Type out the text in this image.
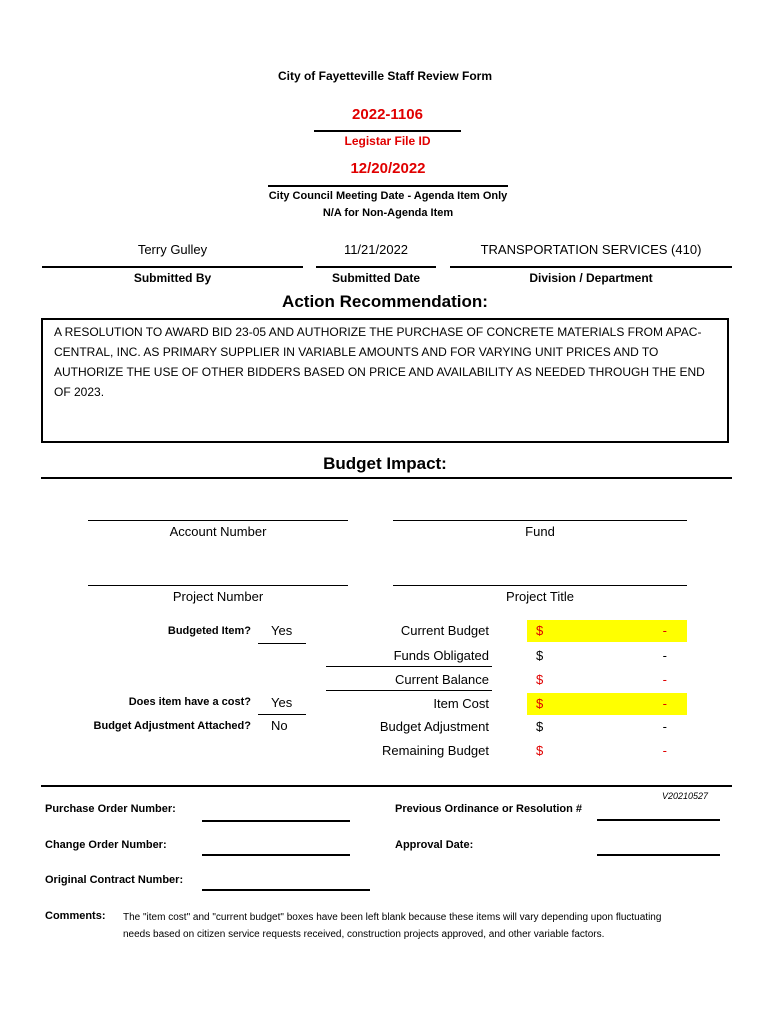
City of Fayetteville Staff Review Form
2022-1106
Legistar File ID
12/20/2022
City Council Meeting Date - Agenda Item Only
N/A for Non-Agenda Item
Terry Gulley
Submitted By
11/21/2022
Submitted Date
TRANSPORTATION SERVICES (410)
Division / Department
Action Recommendation:
A RESOLUTION TO AWARD BID 23-05 AND AUTHORIZE THE PURCHASE OF CONCRETE MATERIALS FROM APAC-CENTRAL, INC. AS PRIMARY SUPPLIER IN VARIABLE AMOUNTS AND FOR VARYING UNIT PRICES AND TO AUTHORIZE THE USE OF OTHER BIDDERS BASED ON PRICE AND AVAILABILITY AS NEEDED THROUGH THE END OF 2023.
Budget Impact:
Account Number	Fund
Project Number	Project Title
Budgeted Item? Yes
Does item have a cost? Yes
Budget Adjustment Attached? No
Current Budget	$	-
Funds Obligated	$	-
Current Balance	$	-
Item Cost	$	-
Budget Adjustment	$	-
Remaining Budget	$	-
V20210527
Purchase Order Number:	Previous Ordinance or Resolution #
Change Order Number:	Approval Date:
Original Contract Number:
Comments: The "item cost" and "current budget" boxes have been left blank because these items will vary depending upon fluctuating needs based on citizen service requests received, construction projects approved, and other variable factors.
